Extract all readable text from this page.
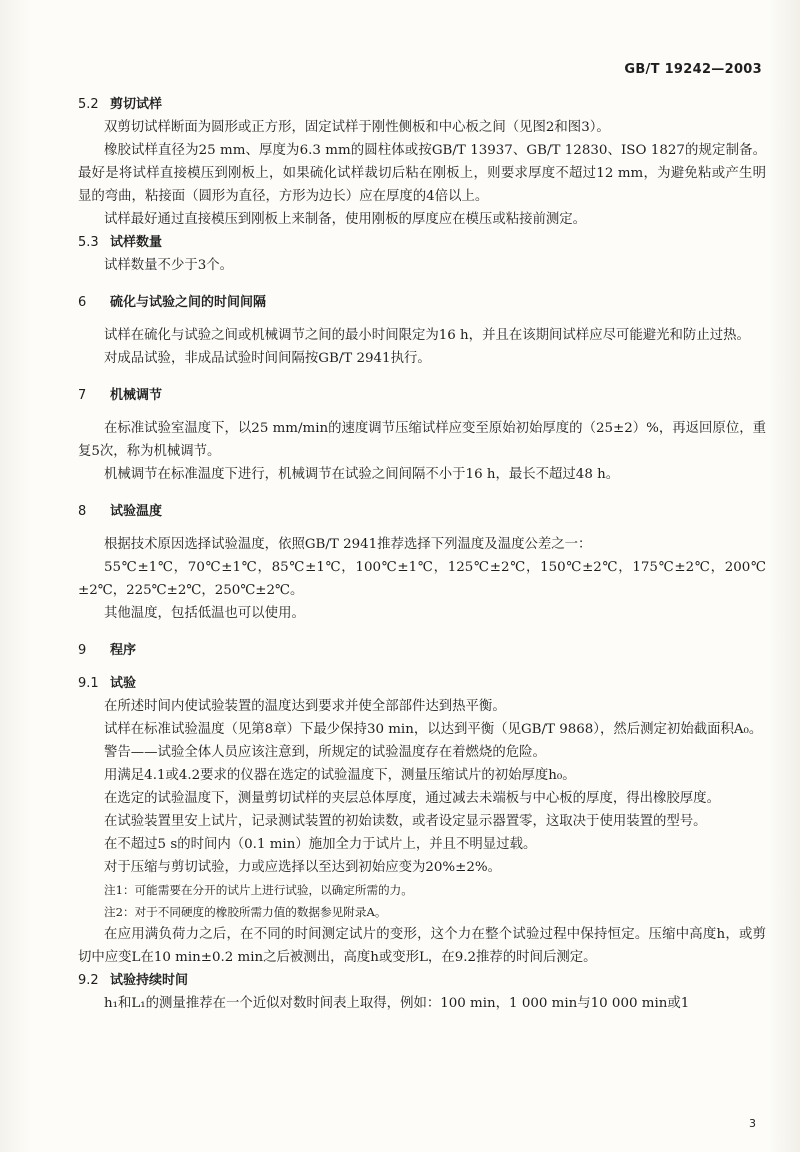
GB/T 19242—2003

5.2 剪切试样

双剪切试样断面为圆形或正方形，固定试样于刚性侧板和中心板之间（见图2和图3）。

橡胶试样直径为25 mm、厚度为6.3 mm的圆柱体或按GB/T 13937、GB/T 12830、ISO 1827的规定制备。最好是将试样直接模压到刚板上，如果硫化试样裁切后粘在刚板上，则要求厚度不超过12 mm，为避免粘或产生明显的弯曲，粘接面（圆形为直径，方形为边长）应在厚度的4倍以上。

试样最好通过直接模压到刚板上来制备，使用刚板的厚度应在模压或粘接前测定。

5.3 试样数量

试样数量不少于3个。

6 硫化与试验之间的时间间隔

试样在硫化与试验之间或机械调节之间的最小时间限定为16 h，并且在该期间试样应尽可能避光和防止过热。

对成品试验，非成品试验时间间隔按GB/T 2941执行。

7 机械调节

在标准试验室温度下，以25 mm/min的速度调节压缩试样应变至原始初始厚度的（25±2）%，再返回原位，重复5次，称为机械调节。

机械调节在标准温度下进行，机械调节在试验之间间隔不小于16 h，最长不超过48 h。

8 试验温度

根据技术原因选择试验温度，依照GB/T 2941推荐选择下列温度及温度公差之一：

55℃±1℃，70℃±1℃，85℃±1℃，100℃±1℃，125℃±2℃，150℃±2℃，175℃±2℃，200℃±2℃，225℃±2℃，250℃±2℃。

其他温度，包括低温也可以使用。

9 程序

9.1 试验

在所述时间内使试验装置的温度达到要求并使全部部件达到热平衡。

试样在标准试验温度（见第8章）下最少保持30 min，以达到平衡（见GB/T 9868），然后测定初始截面积A₀。

警告——试验全体人员应该注意到，所规定的试验温度存在着燃烧的危险。

用满足4.1或4.2要求的仪器在选定的试验温度下，测量压缩试片的初始厚度h₀。

在选定的试验温度下，测量剪切试样的夹层总体厚度，通过减去未端板与中心板的厚度，得出橡胶厚度。

在试验装置里安上试片，记录测试装置的初始读数，或者设定显示器置零，这取决于使用装置的型号。

在不超过5 s的时间内（0.1 min）施加全力于试片上，并且不明显过载。

对于压缩与剪切试验，力或应选择以至达到初始应变为20%±2%。

注1：可能需要在分开的试片上进行试验，以确定所需的力。

注2：对于不同硬度的橡胶所需力值的数据参见附录A。

在应用满负荷力之后，在不同的时间测定试片的变形，这个力在整个试验过程中保持恒定。压缩中高度h，或剪切中应变L在10 min±0.2 min之后被测出，高度h或变形L，在9.2推荐的时间后测定。

9.2 试验持续时间

h₁和L₁的测量推荐在一个近似对数时间表上取得，例如：100 min，1 000 min与10 000 min或1

3
